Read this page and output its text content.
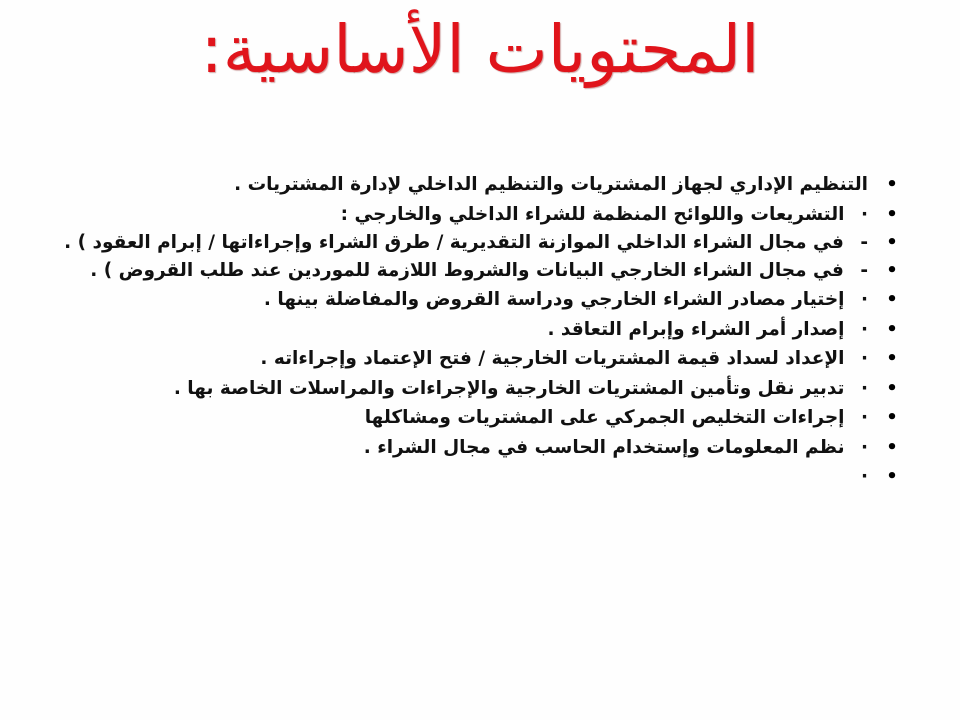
المحتويات الأساسية:
•
التنظيم الإداري لجهاز المشتريات والتنظيم الداخلي لإدارة المشتريات .
•
· التشريعات واللوائح المنظمة للشراء الداخلي والخارجي :
•
- في مجال الشراء الداخلي الموازنة التقديرية / طرق الشراء وإجراءاتها / إبرام العقود ) .
•
- في مجال الشراء الخارجي البيانات والشروط اللازمة للموردين عند طلب القروض ) .
•
· إختيار مصادر الشراء الخارجي ودراسة القروض والمفاضلة بينها .
•
· إصدار أمر الشراء وإبرام التعاقد .
•
· الإعداد لسداد قيمة المشتريات الخارجية / فتح الإعتماد وإجراءاته .
•
· تدبير نقل وتأمين المشتريات الخارجية والإجراءات والمراسلات الخاصة بها .
•
· إجراءات التخليص الجمركي على المشتريات ومشاكلها
•
· نظم المعلومات وإستخدام الحاسب في مجال الشراء .
•
·
